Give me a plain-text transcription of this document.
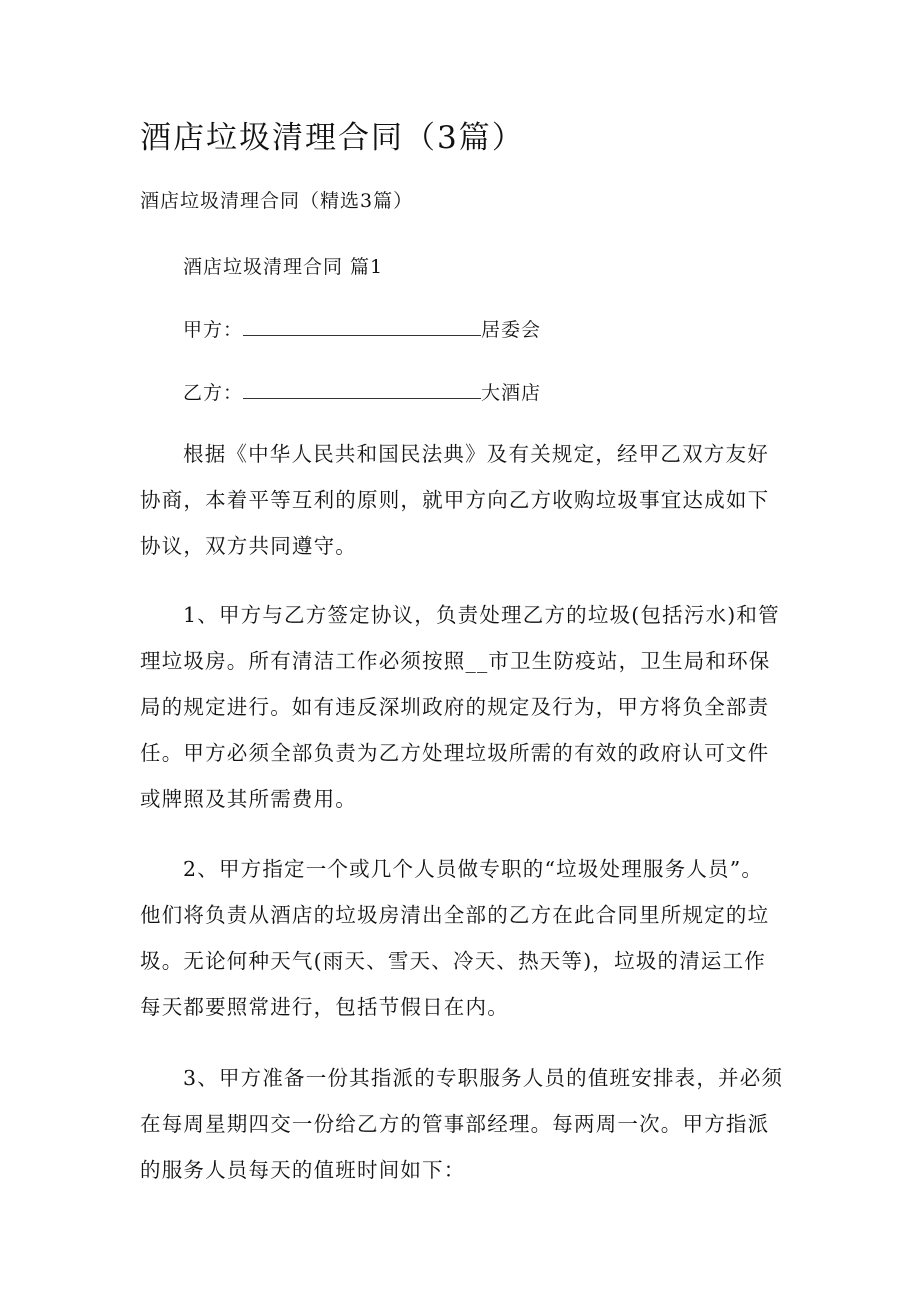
酒店垃圾清理合同（3篇）
酒店垃圾清理合同（精选3篇）
酒店垃圾清理合同 篇1
甲方：	居委会
乙方：	大酒店
根据《中华人民共和国民法典》及有关规定，经甲乙双方友好
协商，本着平等互利的原则，就甲方向乙方收购垃圾事宜达成如下
协议，双方共同遵守。
1、甲方与乙方签定协议，负责处理乙方的垃圾(包括污水)和管
理垃圾房。所有清洁工作必须按照__市卫生防疫站，卫生局和环保
局的规定进行。如有违反深圳政府的规定及行为，甲方将负全部责
任。甲方必须全部负责为乙方处理垃圾所需的有效的政府认可文件
或牌照及其所需费用。
2、甲方指定一个或几个人员做专职的“垃圾处理服务人员”。
他们将负责从酒店的垃圾房清出全部的乙方在此合同里所规定的垃
圾。无论何种天气(雨天、雪天、冷天、热天等)，垃圾的清运工作
每天都要照常进行，包括节假日在内。
3、甲方准备一份其指派的专职服务人员的值班安排表，并必须
在每周星期四交一份给乙方的管事部经理。每两周一次。甲方指派
的服务人员每天的值班时间如下：
